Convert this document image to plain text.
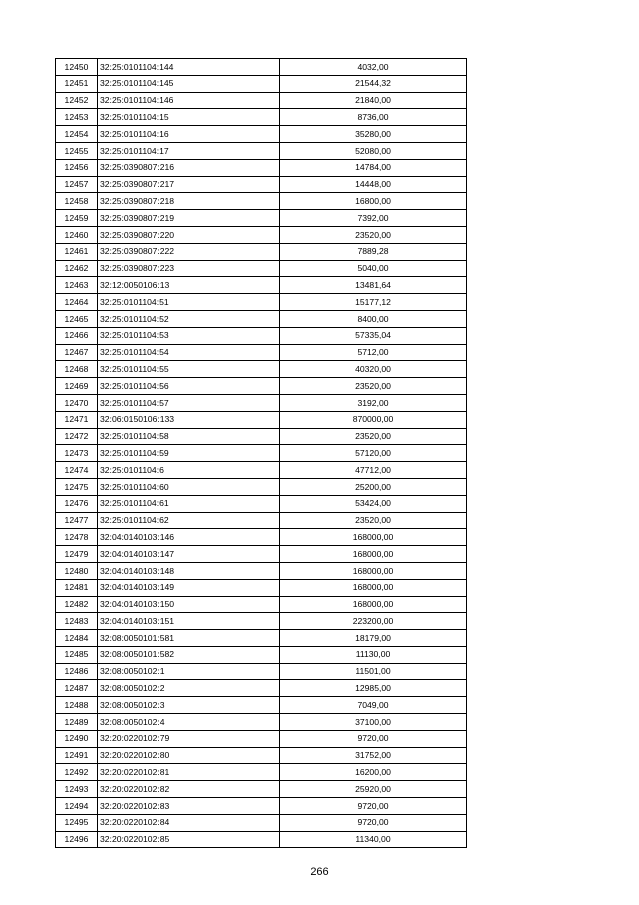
12450	32:25:0101104:144	4032,00
12451	32:25:0101104:145	21544,32
12452	32:25:0101104:146	21840,00
12453	32:25:0101104:15	8736,00
12454	32:25:0101104:16	35280,00
12455	32:25:0101104:17	52080,00
12456	32:25:0390807:216	14784,00
12457	32:25:0390807:217	14448,00
12458	32:25:0390807:218	16800,00
12459	32:25:0390807:219	7392,00
12460	32:25:0390807:220	23520,00
12461	32:25:0390807:222	7889,28
12462	32:25:0390807:223	5040,00
12463	32:12:0050106:13	13481,64
12464	32:25:0101104:51	15177,12
12465	32:25:0101104:52	8400,00
12466	32:25:0101104:53	57335,04
12467	32:25:0101104:54	5712,00
12468	32:25:0101104:55	40320,00
12469	32:25:0101104:56	23520,00
12470	32:25:0101104:57	3192,00
12471	32:06:0150106:133	870000,00
12472	32:25:0101104:58	23520,00
12473	32:25:0101104:59	57120,00
12474	32:25:0101104:6	47712,00
12475	32:25:0101104:60	25200,00
12476	32:25:0101104:61	53424,00
12477	32:25:0101104:62	23520,00
12478	32:04:0140103:146	168000,00
12479	32:04:0140103:147	168000,00
12480	32:04:0140103:148	168000,00
12481	32:04:0140103:149	168000,00
12482	32:04:0140103:150	168000,00
12483	32:04:0140103:151	223200,00
12484	32:08:0050101:581	18179,00
12485	32:08:0050101:582	11130,00
12486	32:08:0050102:1	11501,00
12487	32:08:0050102:2	12985,00
12488	32:08:0050102:3	7049,00
12489	32:08:0050102:4	37100,00
12490	32:20:0220102:79	9720,00
12491	32:20:0220102:80	31752,00
12492	32:20:0220102:81	16200,00
12493	32:20:0220102:82	25920,00
12494	32:20:0220102:83	9720,00
12495	32:20:0220102:84	9720,00
12496	32:20:0220102:85	11340,00
266
